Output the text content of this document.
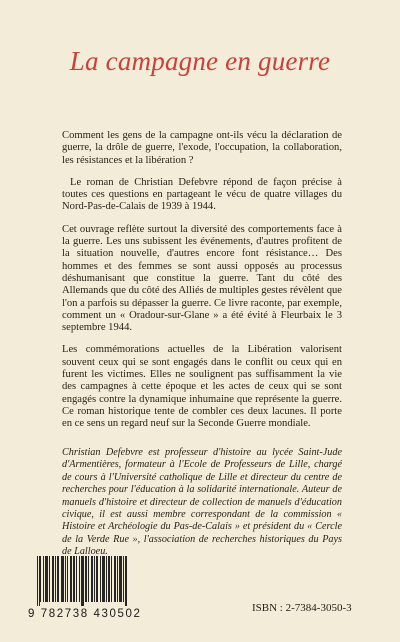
La campagne en guerre

Comment les gens de la campagne ont-ils vécu la déclaration de guerre, la drôle de guerre, l'exode, l'occupation, la collaboration, les résistances et la libération ?

Le roman de Christian Defebvre répond de façon précise à toutes ces questions en partageant le vécu de quatre villages du Nord-Pas-de-Calais de 1939 à 1944.

Cet ouvrage reflète surtout la diversité des comportements face à la guerre. Les uns subissent les événements, d'autres profitent de la situation nouvelle, d'autres encore font résistance… Des hommes et des femmes se sont aussi opposés au processus déshumanisant que constitue la guerre. Tant du côté des Allemands que du côté des Alliés de multiples gestes révèlent que l'on a parfois su dépasser la guerre. Ce livre raconte, par exemple, comment un « Oradour-sur-Glane » a été évité à Fleurbaix le 3 septembre 1944.

Les commémorations actuelles de la Libération valorisent souvent ceux qui se sont engagés dans le conflit ou ceux qui en furent les victimes. Elles ne soulignent pas suffisamment la vie des campagnes à cette époque et les actes de ceux qui se sont engagés contre la dynamique inhumaine que représente la guerre. Ce roman historique tente de combler ces deux lacunes. Il porte en ce sens un regard neuf sur la Seconde Guerre mondiale.

Christian Defebvre est professeur d'histoire au lycée Saint-Jude d'Armentières, formateur à l'Ecole de Professeurs de Lille, chargé de cours à l'Université catholique de Lille et directeur du centre de recherches pour l'éducation à la solidarité internationale. Auteur de manuels d'histoire et directeur de collection de manuels d'éducation civique, il est aussi membre correspondant de la commission « Histoire et Archéologie du Pas-de-Calais » et président du « Cercle de la Verde Rue », l'association de recherches historiques du Pays de Lalloeu.
9 782738 430502	ISBN : 2-7384-3050-3
